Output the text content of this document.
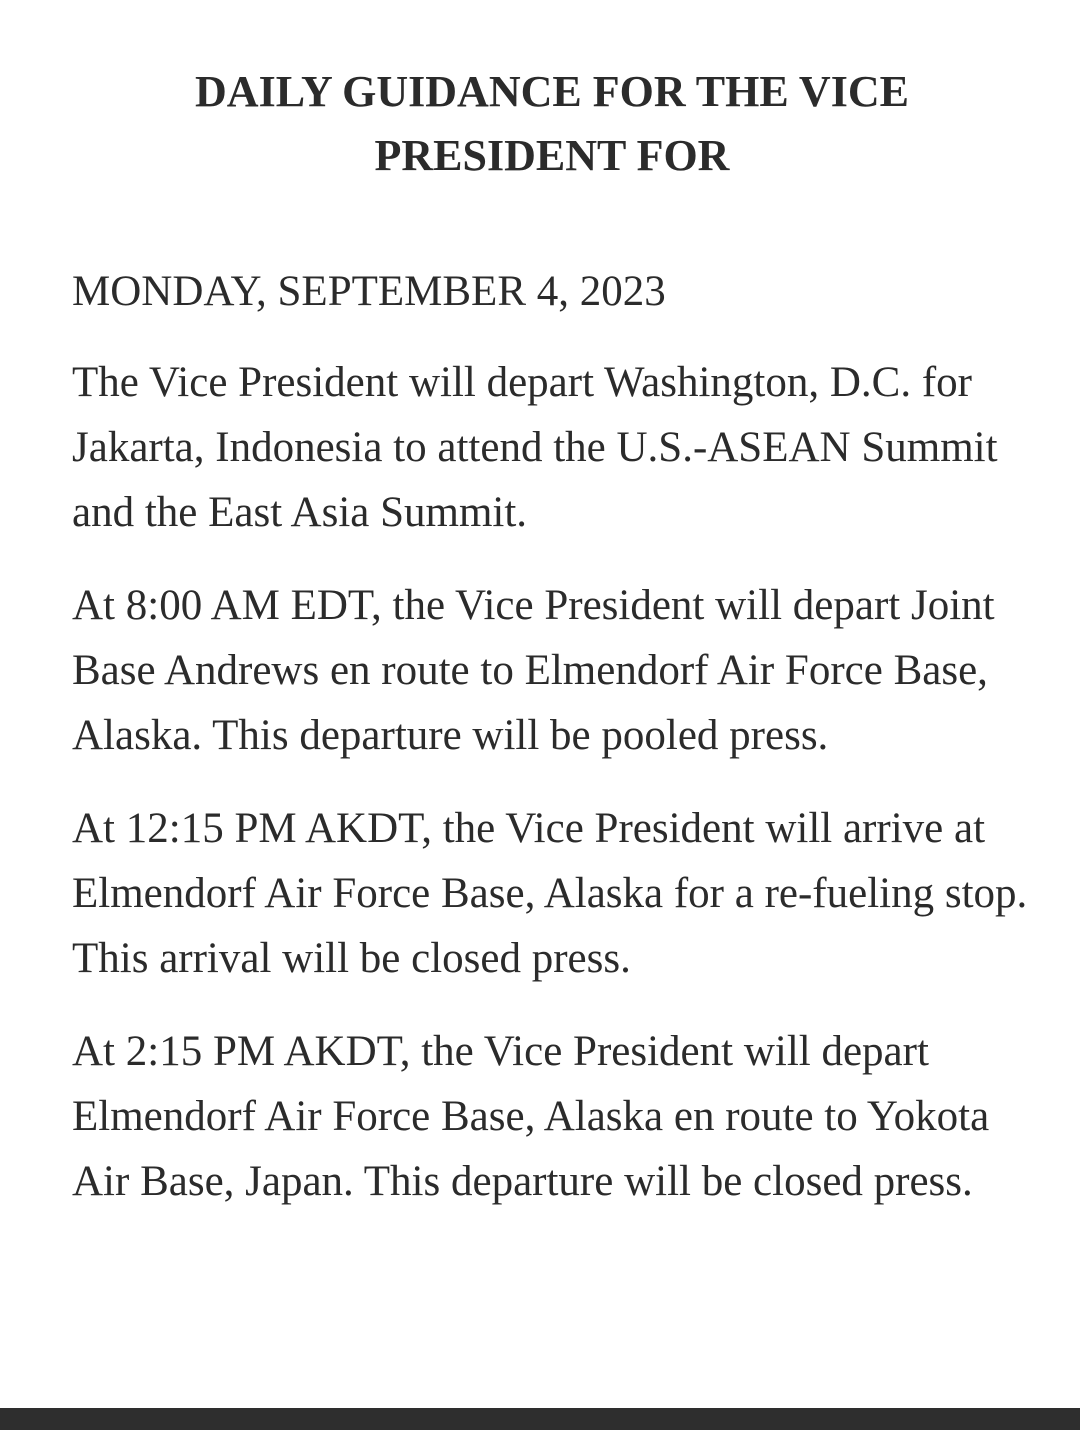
DAILY GUIDANCE FOR THE VICE PRESIDENT FOR

MONDAY, SEPTEMBER 4, 2023

The Vice President will depart Washington, D.C. for Jakarta, Indonesia to attend the U.S.-ASEAN Summit and the East Asia Summit.

At 8:00 AM EDT, the Vice President will depart Joint Base Andrews en route to Elmendorf Air Force Base, Alaska. This departure will be pooled press.

At 12:15 PM AKDT, the Vice President will arrive at Elmendorf Air Force Base, Alaska for a re-fueling stop. This arrival will be closed press.

At 2:15 PM AKDT, the Vice President will depart Elmendorf Air Force Base, Alaska en route to Yokota Air Base, Japan. This departure will be closed press.
